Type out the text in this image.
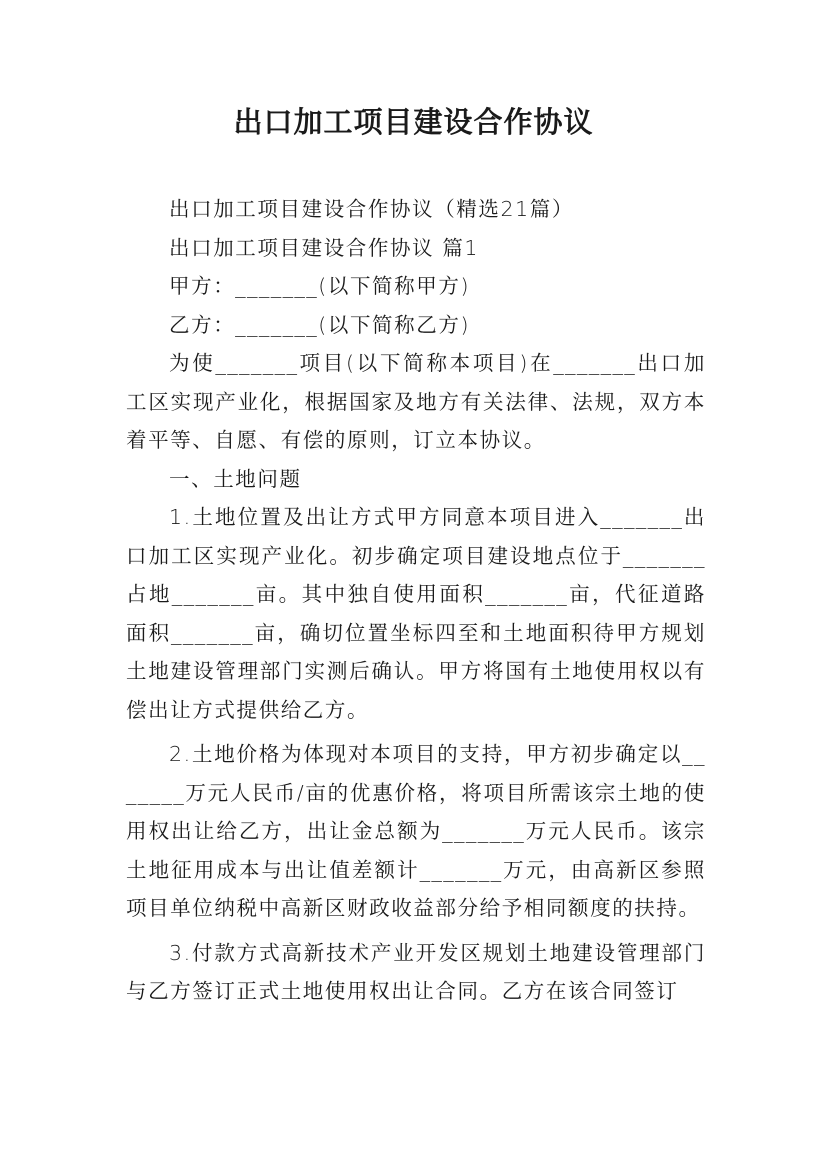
出口加工项目建设合作协议

出口加工项目建设合作协议（精选21篇）

出口加工项目建设合作协议 篇1

甲方：_______(以下简称甲方)

乙方：_______(以下简称乙方)

为使_______项目(以下简称本项目)在_______出口加工区实现产业化，根据国家及地方有关法律、法规，双方本着平等、自愿、有偿的原则，订立本协议。

一、土地问题

1.土地位置及出让方式甲方同意本项目进入_______出口加工区实现产业化。初步确定项目建设地点位于_______占地_______亩。其中独自使用面积_______亩，代征道路面积_______亩，确切位置坐标四至和土地面积待甲方规划土地建设管理部门实测后确认。甲方将国有土地使用权以有偿出让方式提供给乙方。

2.土地价格为体现对本项目的支持，甲方初步确定以_______万元人民币/亩的优惠价格，将项目所需该宗土地的使用权出让给乙方，出让金总额为_______万元人民币。该宗土地征用成本与出让值差额计_______万元，由高新区参照项目单位纳税中高新区财政收益部分给予相同额度的扶持。

3.付款方式高新技术产业开发区规划土地建设管理部门与乙方签订正式土地使用权出让合同。乙方在该合同签订
